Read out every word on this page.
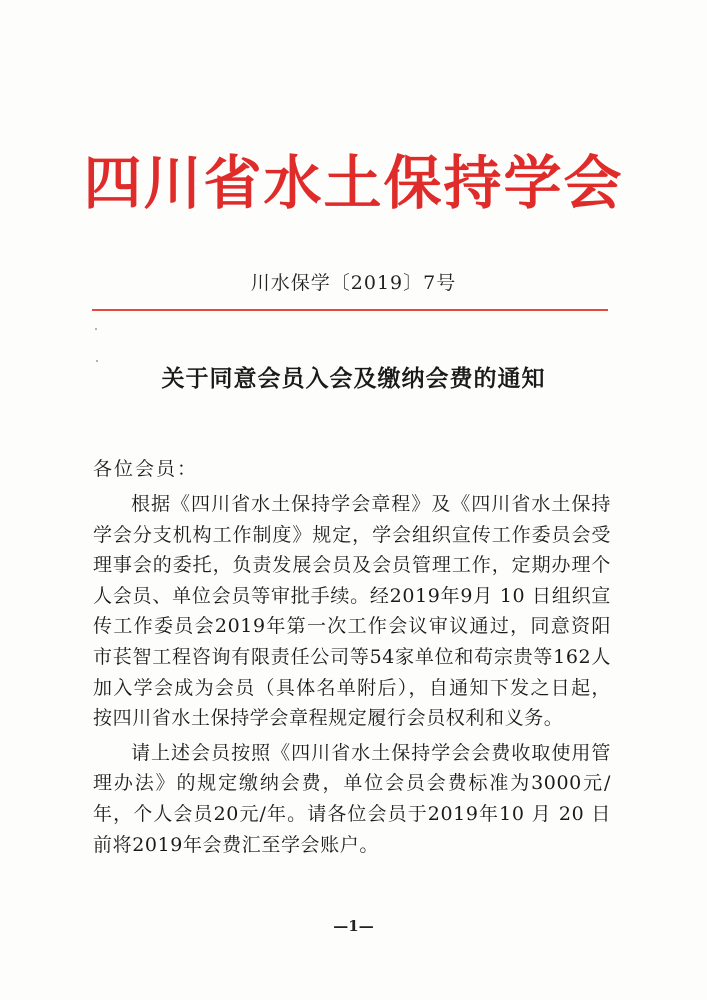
四川省水土保持学会
川水保学〔2019〕7号
关于同意会员入会及缴纳会费的通知
各位会员：

根据《四川省水土保持学会章程》及《四川省水土保持学会分支机构工作制度》规定，学会组织宣传工作委员会受理事会的委托，负责发展会员及会员管理工作，定期办理个人会员、单位会员等审批手续。经2019年9月 10 日组织宣传工作委员会2019年第一次工作会议审议通过，同意资阳市苌智工程咨询有限责任公司等54家单位和苟宗贵等162人加入学会成为会员（具体名单附后），自通知下发之日起，按四川省水土保持学会章程规定履行会员权利和义务。

请上述会员按照《四川省水土保持学会会费收取使用管理办法》的规定缴纳会费，单位会员会费标准为3000元/年，个人会员20元/年。请各位会员于2019年10 月 20 日前将2019年会费汇至学会账户。

—1—
